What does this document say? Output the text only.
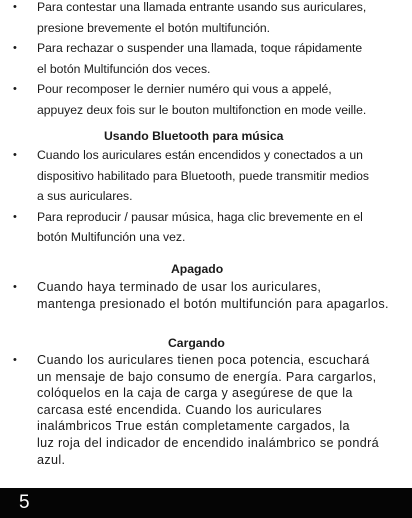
• Para contestar una llamada entrante usando sus auriculares,
presione brevemente el botón multifunción.
• Para rechazar o suspender una llamada, toque rápidamente
el botón Multifunción dos veces.
• Pour recomposer le dernier numéro qui vous a appelé,
appuyez deux fois sur le bouton multifonction en mode veille.
Usando Bluetooth para música
• Cuando los auriculares están encendidos y conectados a un
dispositivo habilitado para Bluetooth, puede transmitir medios
a sus auriculares.
• Para reproducir / pausar música, haga clic brevemente en el
botón Multifunción una vez.
Apagado
• Cuando haya terminado de usar los auriculares,
mantenga presionado el botón multifunción para apagarlos.
Cargando
• Cuando los auriculares tienen poca potencia, escuchará
un mensaje de bajo consumo de energía. Para cargarlos,
colóquelos en la caja de carga y asegúrese de que la
carcasa esté encendida. Cuando los auriculares
inalámbricos True están completamente cargados, la
luz roja del indicador de encendido inalámbrico se pondrá
azul.
5
